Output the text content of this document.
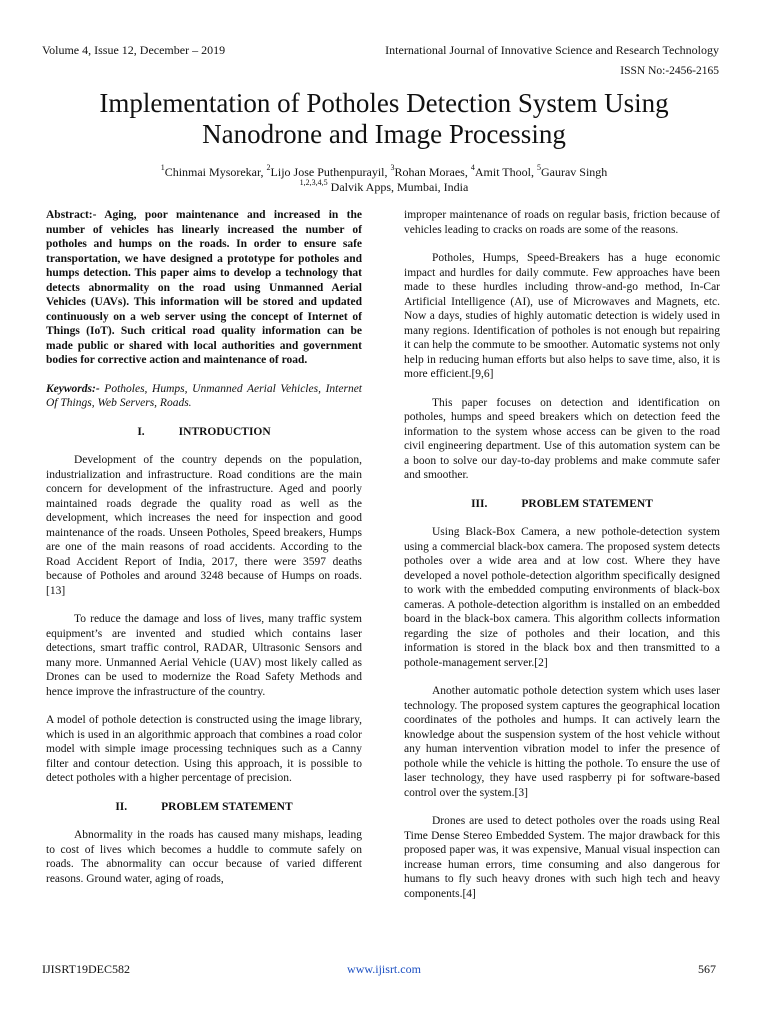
Volume 4, Issue 12, December – 2019	International Journal of Innovative Science and Research Technology
ISSN No:-2456-2165
Implementation of Potholes Detection System Using Nanodrone and Image Processing
$^1$Chinmai Mysorekar, $^2$Lijo Jose Puthenpurayil, $^3$Rohan Moraes, $^4$Amit Thool, $^5$Gaurav Singh
$^{1,2,3,4,5}$ Dalvik Apps, Mumbai, India

Abstract:- Aging, poor maintenance and increased in the number of vehicles has linearly increased the number of potholes and humps on the roads. In order to ensure safe transportation, we have designed a prototype for potholes and humps detection. This paper aims to develop a technology that detects abnormality on the road using Unmanned Aerial Vehicles (UAVs). This information will be stored and updated continuously on a web server using the concept of Internet of Things (IoT). Such critical road quality information can be made public or shared with local authorities and government bodies for corrective action and maintenance of road.

Keywords:- Potholes, Humps, Unmanned Aerial Vehicles, Internet Of Things, Web Servers, Roads.

I.	INTRODUCTION

Development of the country depends on the population, industrialization and infrastructure. Road conditions are the main concern for development of the infrastructure. Aged and poorly maintained roads degrade the quality road as well as the development, which increases the need for inspection and good maintenance of the roads. Unseen Potholes, Speed breakers, Humps are one of the main reasons of road accidents. According to the Road Accident Report of India, 2017, there were 3597 deaths because of Potholes and around 3248 because of Humps on roads.[13]

To reduce the damage and loss of lives, many traffic system equipment’s are invented and studied which contains laser detections, smart traffic control, RADAR, Ultrasonic Sensors and many more. Unmanned Aerial Vehicle (UAV) most likely called as Drones can be used to modernize the Road Safety Methods and hence improve the infrastructure of the country.

A model of pothole detection is constructed using the image library, which is used in an algorithmic approach that combines a road color model with simple image processing techniques such as a Canny filter and contour detection. Using this approach, it is possible to detect potholes with a higher percentage of precision.

II.	PROBLEM STATEMENT

Abnormality in the roads has caused many mishaps, leading to cost of lives which becomes a huddle to commute safely on roads. The abnormality can occur because of varied different reasons. Ground water, aging of roads,

improper maintenance of roads on regular basis, friction because of vehicles leading to cracks on roads are some of the reasons.

Potholes, Humps, Speed-Breakers has a huge economic impact and hurdles for daily commute. Few approaches have been made to these hurdles including throw-and-go method, In-Car Artificial Intelligence (AI), use of Microwaves and Magnets, etc. Now a days, studies of highly automatic detection is widely used in many regions. Identification of potholes is not enough but repairing it can help the commute to be smoother. Automatic systems not only help in reducing human efforts but also helps to save time, also, it is more efficient.[9,6]

This paper focuses on detection and identification on potholes, humps and speed breakers which on detection feed the information to the system whose access can be given to the road civil engineering department. Use of this automation system can be a boon to solve our day-to-day problems and make commute safer and smoother.

III.	PROBLEM STATEMENT

Using Black-Box Camera, a new pothole-detection system using a commercial black-box camera. The proposed system detects potholes over a wide area and at low cost. Where they have developed a novel pothole-detection algorithm specifically designed to work with the embedded computing environments of black-box cameras. A pothole-detection algorithm is installed on an embedded board in the black-box camera. This algorithm collects information regarding the size of potholes and their location, and this information is stored in the black box and then transmitted to a pothole-management server.[2]

Another automatic pothole detection system which uses laser technology. The proposed system captures the geographical location coordinates of the potholes and humps. It can actively learn the knowledge about the suspension system of the host vehicle without any human intervention vibration model to infer the presence of pothole while the vehicle is hitting the pothole. To ensure the use of laser technology, they have used raspberry pi for software-based control over the system.[3]

Drones are used to detect potholes over the roads using Real Time Dense Stereo Embedded System. The major drawback for this proposed paper was, it was expensive, Manual visual inspection can increase human errors, time consuming and also dangerous for humans to fly such heavy drones with such high tech and heavy components.[4]

IJISRT19DEC582	www.ijisrt.com	567
